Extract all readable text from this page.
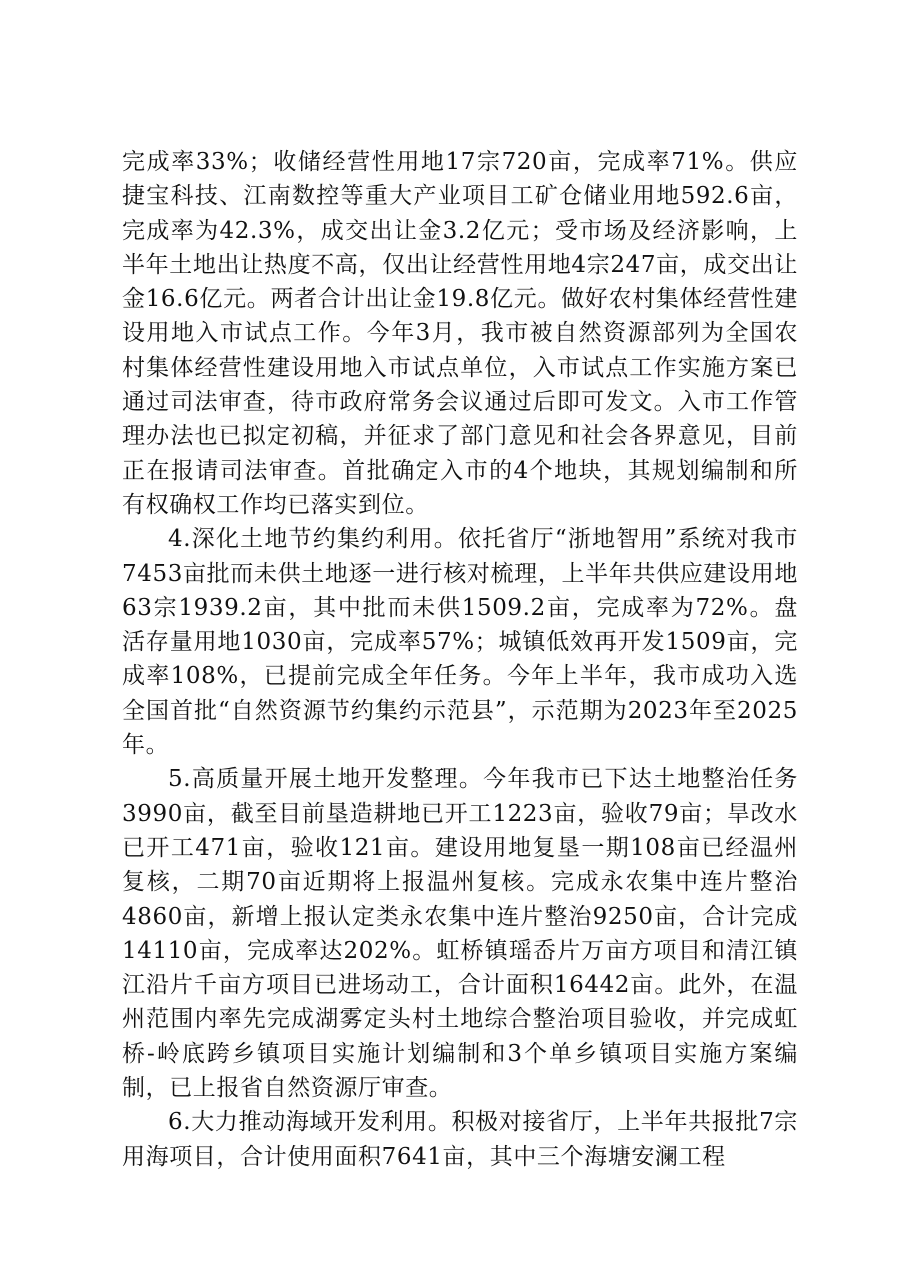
完成率33%；收储经营性用地17宗720亩，完成率71%。供应捷宝科技、江南数控等重大产业项目工矿仓储业用地592.6亩，完成率为42.3%，成交出让金3.2亿元；受市场及经济影响，上半年土地出让热度不高，仅出让经营性用地4宗247亩，成交出让金16.6亿元。两者合计出让金19.8亿元。做好农村集体经营性建设用地入市试点工作。今年3月，我市被自然资源部列为全国农村集体经营性建设用地入市试点单位，入市试点工作实施方案已通过司法审查，待市政府常务会议通过后即可发文。入市工作管理办法也已拟定初稿，并征求了部门意见和社会各界意见，目前正在报请司法审查。首批确定入市的4个地块，其规划编制和所有权确权工作均已落实到位。

4.深化土地节约集约利用。依托省厅“浙地智用”系统对我市7453亩批而未供土地逐一进行核对梳理，上半年共供应建设用地63宗1939.2亩，其中批而未供1509.2亩，完成率为72%。盘活存量用地1030亩，完成率57%；城镇低效再开发1509亩，完成率108%，已提前完成全年任务。今年上半年，我市成功入选全国首批“自然资源节约集约示范县”，示范期为2023年至2025年。

5.高质量开展土地开发整理。今年我市已下达土地整治任务3990亩，截至目前垦造耕地已开工1223亩，验收79亩；旱改水已开工471亩，验收121亩。建设用地复垦一期108亩已经温州复核，二期70亩近期将上报温州复核。完成永农集中连片整治4860亩，新增上报认定类永农集中连片整治9250亩，合计完成14110亩，完成率达202%。虹桥镇瑶岙片万亩方项目和清江镇江沿片千亩方项目已进场动工，合计面积16442亩。此外，在温州范围内率先完成湖雾定头村土地综合整治项目验收，并完成虹桥-岭底跨乡镇项目实施计划编制和3个单乡镇项目实施方案编制，已上报省自然资源厅审查。

6.大力推动海域开发利用。积极对接省厅，上半年共报批7宗用海项目，合计使用面积7641亩，其中三个海塘安澜工程
